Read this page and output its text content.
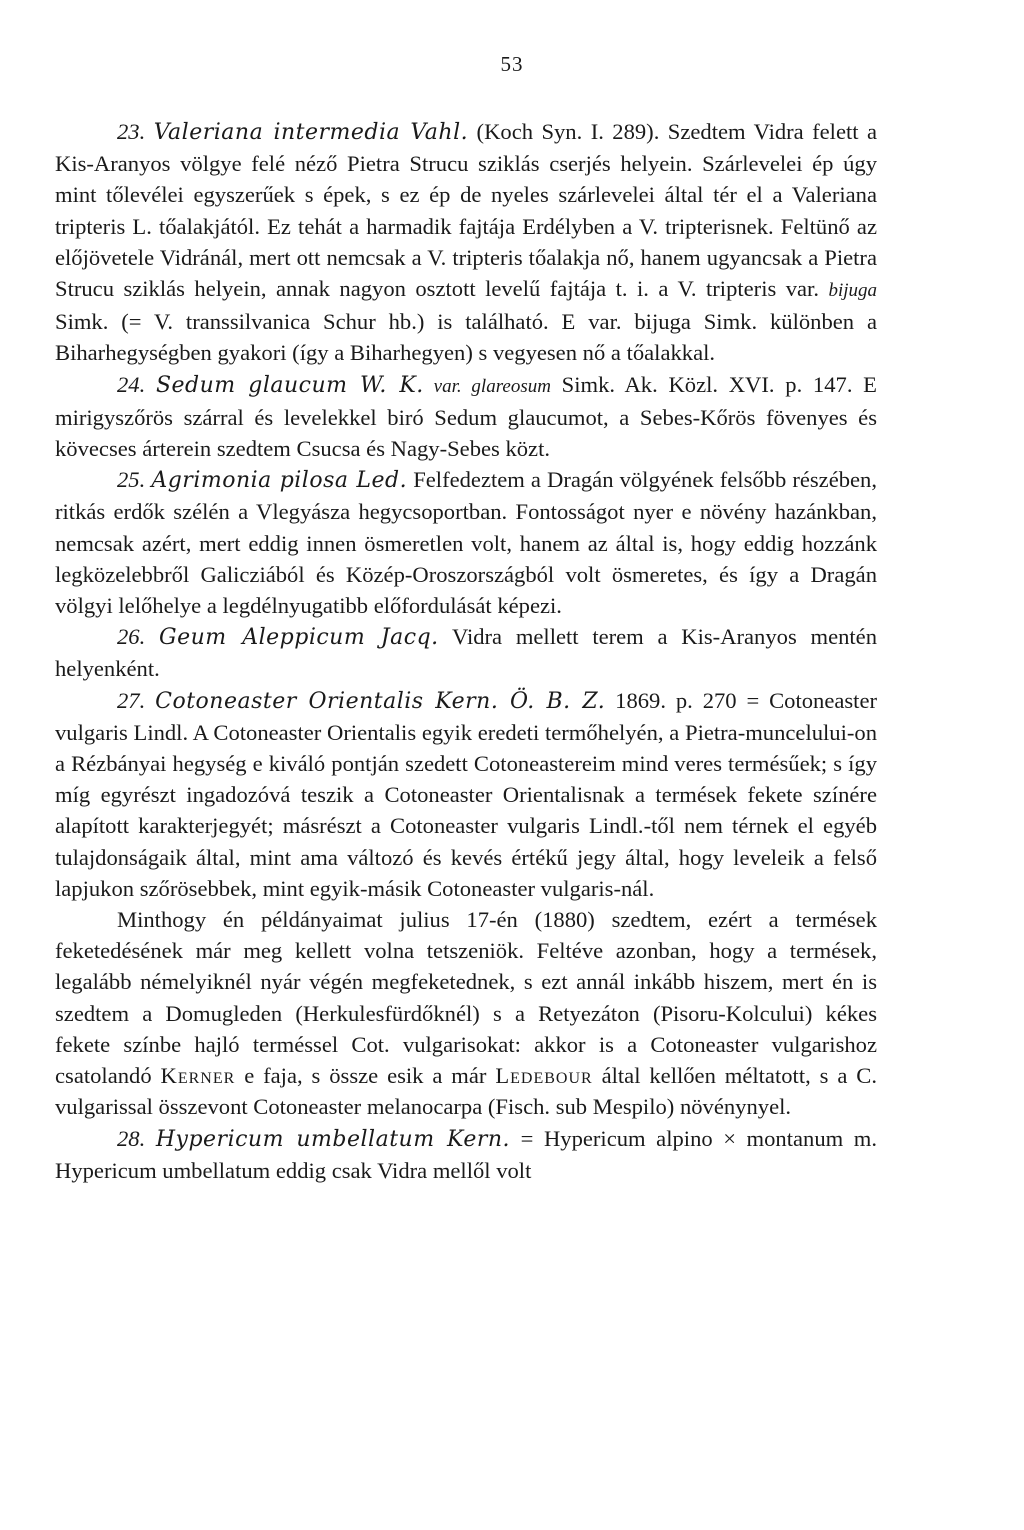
53

23. Valeriana intermedia Vahl. (Koch Syn. I. 289). Szedtem Vidra felett a Kis-Aranyos völgye felé néző Pietra Strucu sziklás cserjés helyein. Szárlevelei ép úgy mint tőlevélei egyszerűek s épek, s ez ép de nyeles szárlevelei által tér el a Valeriana tripteris L. tőalakjától. Ez tehát a harmadik fajtája Erdélyben a V. tripterisnek. Feltünő az előjövetele Vidránál, mert ott nemcsak a V. tripteris tőalakja nő, hanem ugyancsak a Pietra Strucu sziklás helyein, annak nagyon osztott levelű fajtája t. i. a V. tripteris var. bijuga Simk. (= V. transsilvanica Schur hb.) is található. E var. bijuga Simk. különben a Biharhegységben gyakori (így a Biharhegyen) s vegyesen nő a tőalakkal.

24. Sedum glaucum W. K. var. glareosum Simk. Ak. Közl. XVI. p. 147. E mirigyszőrös szárral és levelekkel biró Sedum glaucumot, a Sebes-Kőrös fövenyes és kövecses árterein szedtem Csucsa és Nagy-Sebes közt.

25. Agrimonia pilosa Led. Felfedeztem a Dragán völgyének felsőbb részében, ritkás erdők szélén a Vlegyásza hegycsoportban. Fontosságot nyer e növény hazánkban, nemcsak azért, mert eddig innen ösmeretlen volt, hanem az által is, hogy eddig hozzánk legközelebbről Galicziából és Közép-Oroszországból volt ösmeretes, és így a Dragán völgyi lelőhelye a legdélnyugatibb előfordulását képezi.

26. Geum Aleppicum Jacq. Vidra mellett terem a Kis-Aranyos mentén helyenként.

27. Cotoneaster Orientalis Kern. Ö. B. Z. 1869. p. 270 = Cotoneaster vulgaris Lindl. A Cotoneaster Orientalis egyik eredeti termőhelyén, a Pietra-muncelului-on a Rézbányai hegység e kiváló pontján szedett Cotoneastereim mind veres termésűek; s így míg egyrészt ingadozóvá teszik a Cotoneaster Orientalisnak a termések fekete színére alapított karakterjegyét; másrészt a Cotoneaster vulgaris Lindl.-től nem térnek el egyéb tulajdonságaik által, mint ama változó és kevés értékű jegy által, hogy leveleik a felső lapjukon szőrösebbek, mint egyik-másik Cotoneaster vulgaris-nál.

Minthogy én példányaimat julius 17-én (1880) szedtem, ezért a termések feketedésének már meg kellett volna tetszeniök. Feltéve azonban, hogy a termések, legalább némelyiknél nyár végén megfeketednek, s ezt annál inkább hiszem, mert én is szedtem a Domugleden (Herkulesfürdőknél) s a Retyezáton (Pisoru-Kolcului) kékes fekete színbe hajló terméssel Cot. vulgarisokat: akkor is a Cotoneaster vulgarishoz csatolandó Kerner e faja, s össze esik a már Ledebour által kellően méltatott, s a C. vulgarissal összevont Cotoneaster melanocarpa (Fisch. sub Mespilo) növénynyel.

28. Hypericum umbellatum Kern. = Hypericum alpino × montanum m. Hypericum umbellatum eddig csak Vidra mellől volt
